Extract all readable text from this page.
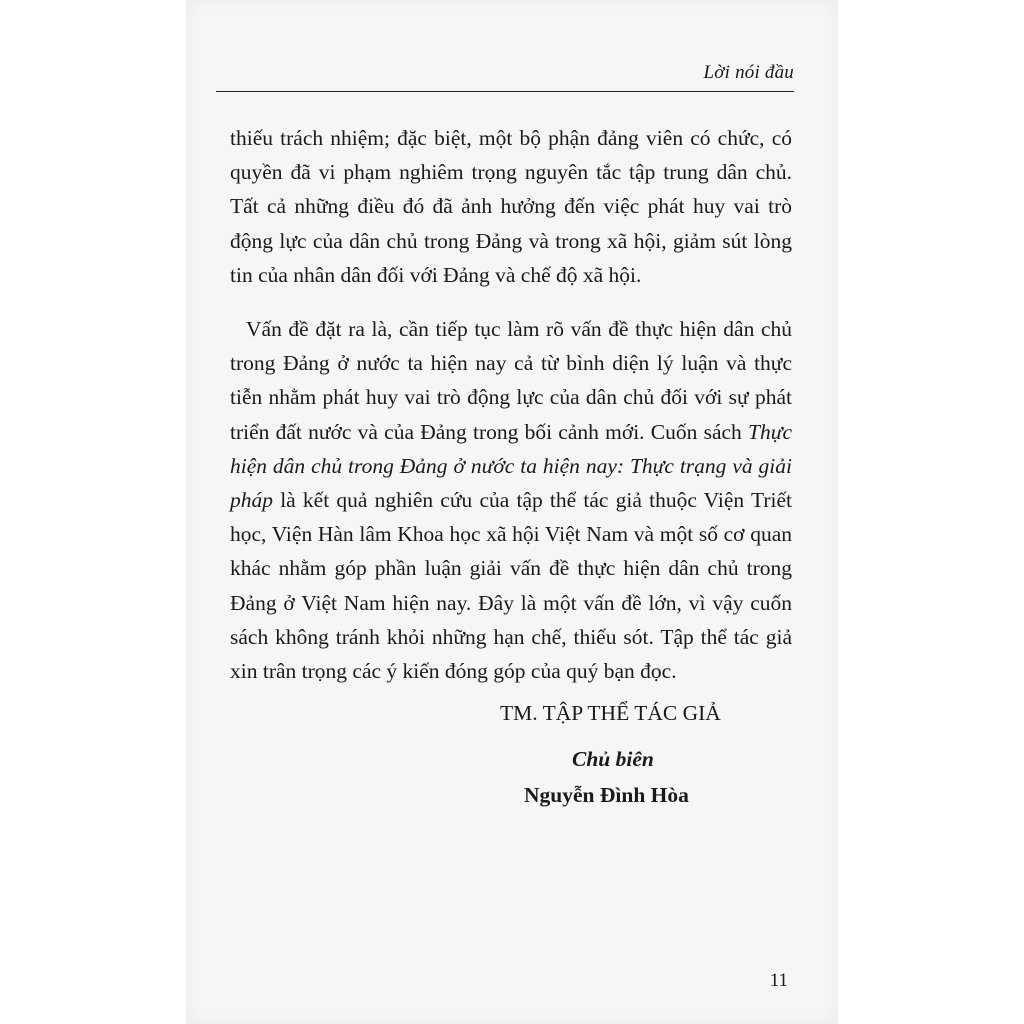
Lời nói đầu

thiếu trách nhiệm; đặc biệt, một bộ phận đảng viên có chức, có quyền đã vi phạm nghiêm trọng nguyên tắc tập trung dân chủ. Tất cả những điều đó đã ảnh hưởng đến việc phát huy vai trò động lực của dân chủ trong Đảng và trong xã hội, giảm sút lòng tin của nhân dân đối với Đảng và chế độ xã hội.

Vấn đề đặt ra là, cần tiếp tục làm rõ vấn đề thực hiện dân chủ trong Đảng ở nước ta hiện nay cả từ bình diện lý luận và thực tiễn nhằm phát huy vai trò động lực của dân chủ đối với sự phát triển đất nước và của Đảng trong bối cảnh mới. Cuốn sách Thực hiện dân chủ trong Đảng ở nước ta hiện nay: Thực trạng và giải pháp là kết quả nghiên cứu của tập thể tác giả thuộc Viện Triết học, Viện Hàn lâm Khoa học xã hội Việt Nam và một số cơ quan khác nhằm góp phần luận giải vấn đề thực hiện dân chủ trong Đảng ở Việt Nam hiện nay. Đây là một vấn đề lớn, vì vậy cuốn sách không tránh khỏi những hạn chế, thiếu sót. Tập thể tác giả xin trân trọng các ý kiến đóng góp của quý bạn đọc.

TM. TẬP THỂ TÁC GIẢ
Chủ biên
Nguyễn Đình Hòa
11
